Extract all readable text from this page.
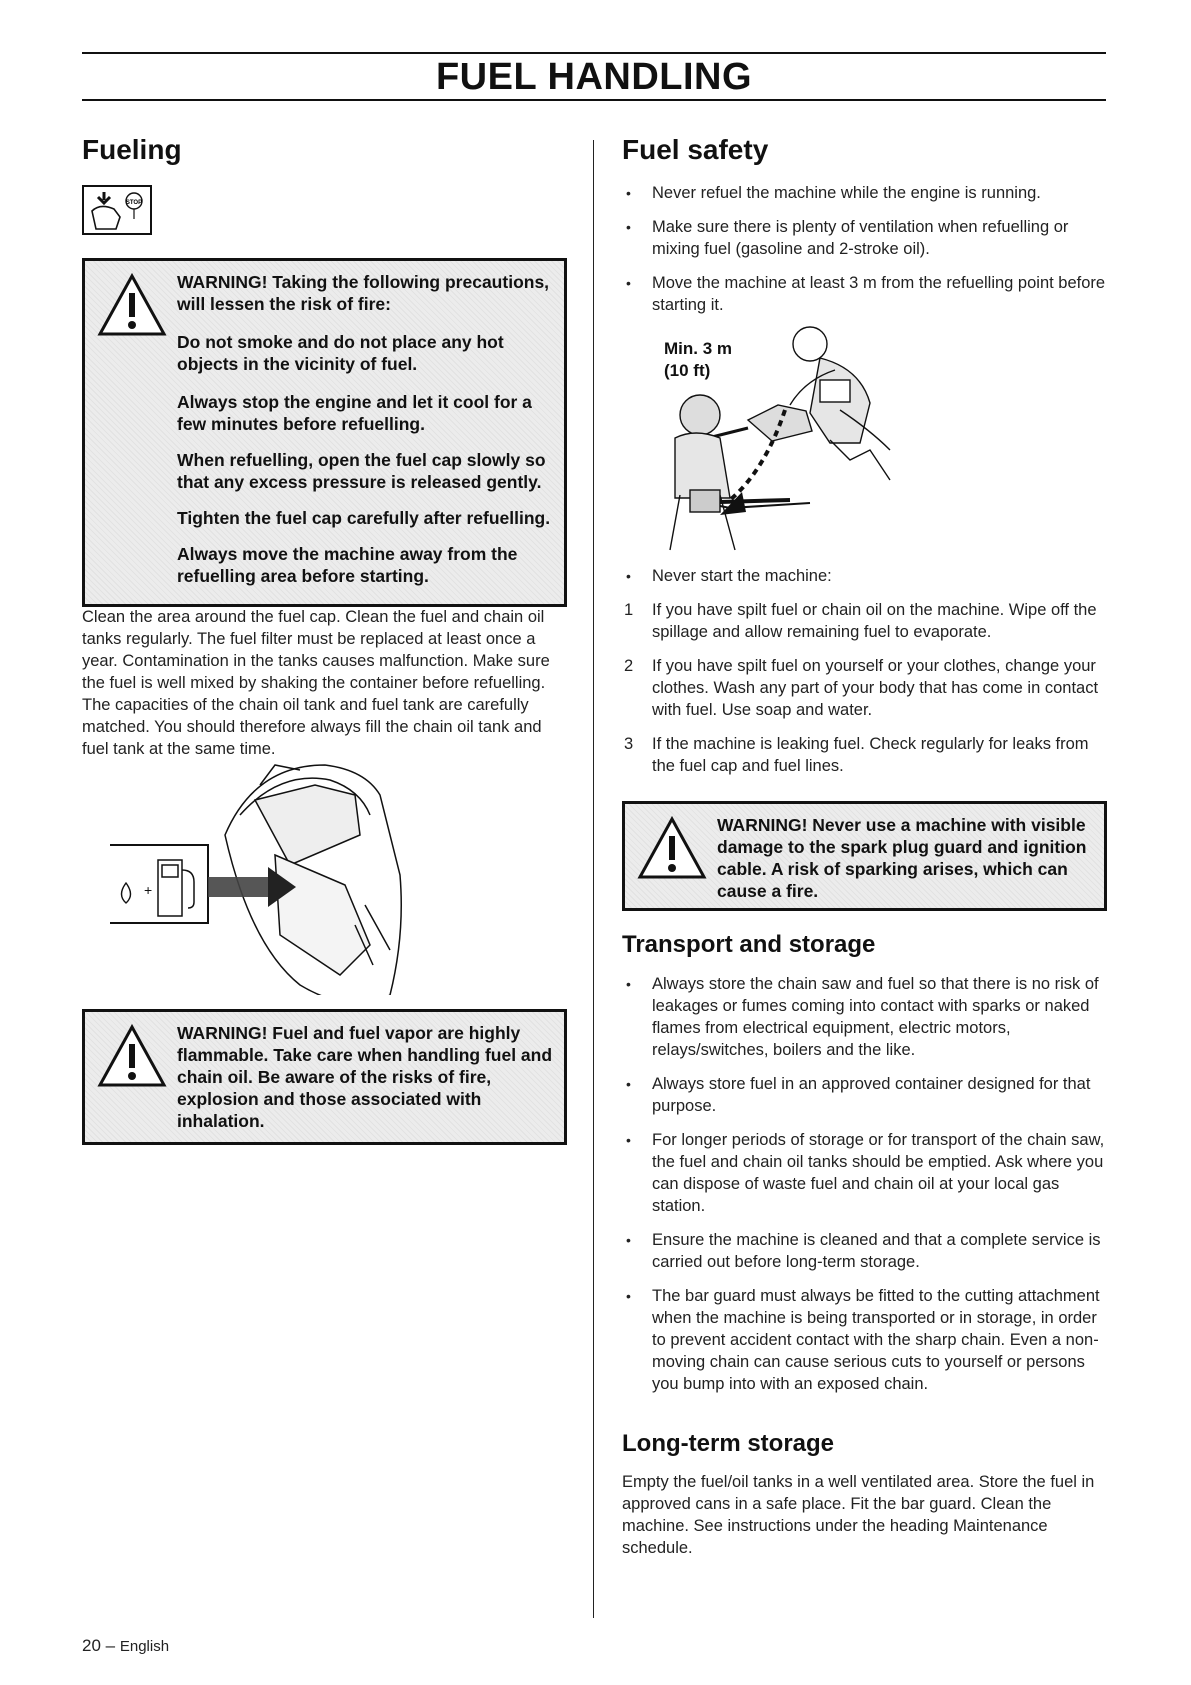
FUEL HANDLING
Fueling
STOP

WARNING! Taking the following precautions, will lessen the risk of fire:

Do not smoke and do not place any hot objects in the vicinity of fuel.

Always stop the engine and let it cool for a few minutes before refuelling.

When refuelling, open the fuel cap slowly so that any excess pressure is released gently.

Tighten the fuel cap carefully after refuelling.

Always move the machine away from the refuelling area before starting.

Clean the area around the fuel cap. Clean the fuel and chain oil tanks regularly. The fuel filter must be replaced at least once a year. Contamination in the tanks causes malfunction. Make sure the fuel is well mixed by shaking the container before refuelling. The capacities of the chain oil tank and fuel tank are carefully matched. You should therefore always fill the chain oil tank and fuel tank at the same time.

+
WARNING! Fuel and fuel vapor are highly flammable. Take care when handling fuel and chain oil. Be aware of the risks of fire, explosion and those associated with inhalation.
Fuel safety
• Never refuel the machine while the engine is running.
• Make sure there is plenty of ventilation when refuelling or mixing fuel (gasoline and 2-stroke oil).
• Move the machine at least 3 m from the refuelling point before starting it.
Min. 3 m
(10 ft)
• Never start the machine:
1 If you have spilt fuel or chain oil on the machine. Wipe off the spillage and allow remaining fuel to evaporate.
2 If you have spilt fuel on yourself or your clothes, change your clothes. Wash any part of your body that has come in contact with fuel. Use soap and water.
3 If the machine is leaking fuel. Check regularly for leaks from the fuel cap and fuel lines.
WARNING! Never use a machine with visible damage to the spark plug guard and ignition cable. A risk of sparking arises, which can cause a fire.
Transport and storage
• Always store the chain saw and fuel so that there is no risk of leakages or fumes coming into contact with sparks or naked flames from electrical equipment, electric motors, relays/switches, boilers and the like.
• Always store fuel in an approved container designed for that purpose.
• For longer periods of storage or for transport of the chain saw, the fuel and chain oil tanks should be emptied. Ask where you can dispose of waste fuel and chain oil at your local gas station.
• Ensure the machine is cleaned and that a complete service is carried out before long-term storage.
• The bar guard must always be fitted to the cutting attachment when the machine is being transported or in storage, in order to prevent accident contact with the sharp chain. Even a non-moving chain can cause serious cuts to yourself or persons you bump into with an exposed chain.
Long-term storage

Empty the fuel/oil tanks in a well ventilated area. Store the fuel in approved cans in a safe place. Fit the bar guard. Clean the machine. See instructions under the heading Maintenance schedule.

20 – English
